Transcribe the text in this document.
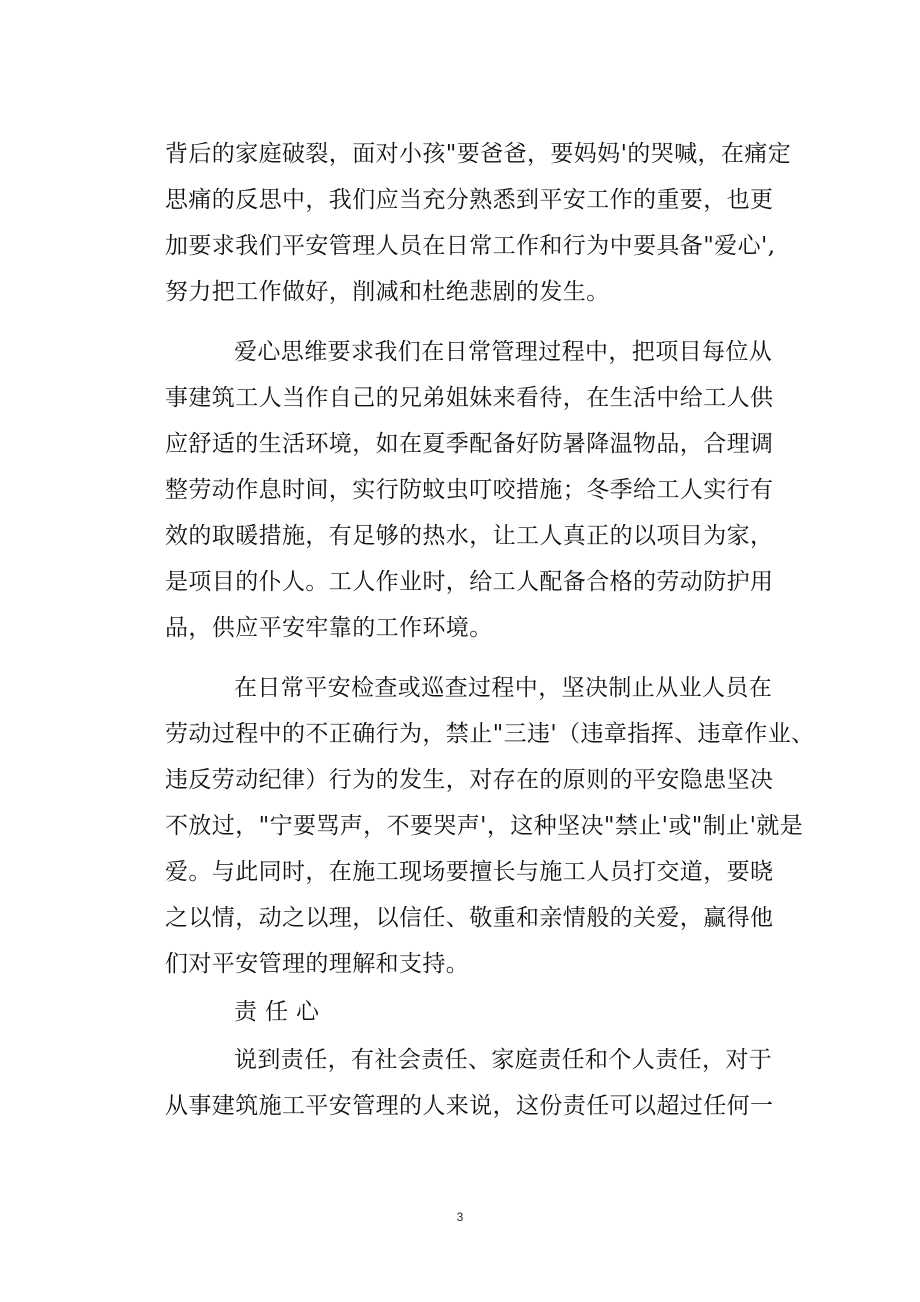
背后的家庭破裂，面对小孩"要爸爸，要妈妈'的哭喊，在痛定
思痛的反思中，我们应当充分熟悉到平安工作的重要，也更
加要求我们平安管理人员在日常工作和行为中要具备"爱心',
努力把工作做好，削减和杜绝悲剧的发生。
爱心思维要求我们在日常管理过程中，把项目每位从
事建筑工人当作自己的兄弟姐妹来看待，在生活中给工人供
应舒适的生活环境，如在夏季配备好防暑降温物品，合理调
整劳动作息时间，实行防蚊虫叮咬措施；冬季给工人实行有
效的取暖措施，有足够的热水，让工人真正的以项目为家，
是项目的仆人。工人作业时，给工人配备合格的劳动防护用
品，供应平安牢靠的工作环境。
在日常平安检查或巡查过程中，坚决制止从业人员在
劳动过程中的不正确行为，禁止"三违'（违章指挥、违章作业、
违反劳动纪律）行为的发生，对存在的原则的平安隐患坚决
不放过，"宁要骂声，不要哭声'，这种坚决"禁止'或"制止'就是
爱。与此同时，在施工现场要擅长与施工人员打交道，要晓
之以情，动之以理，以信任、敬重和亲情般的关爱，赢得他
们对平安管理的理解和支持。
责任心
说到责任，有社会责任、家庭责任和个人责任，对于
从事建筑施工平安管理的人来说，这份责任可以超过任何一
3
